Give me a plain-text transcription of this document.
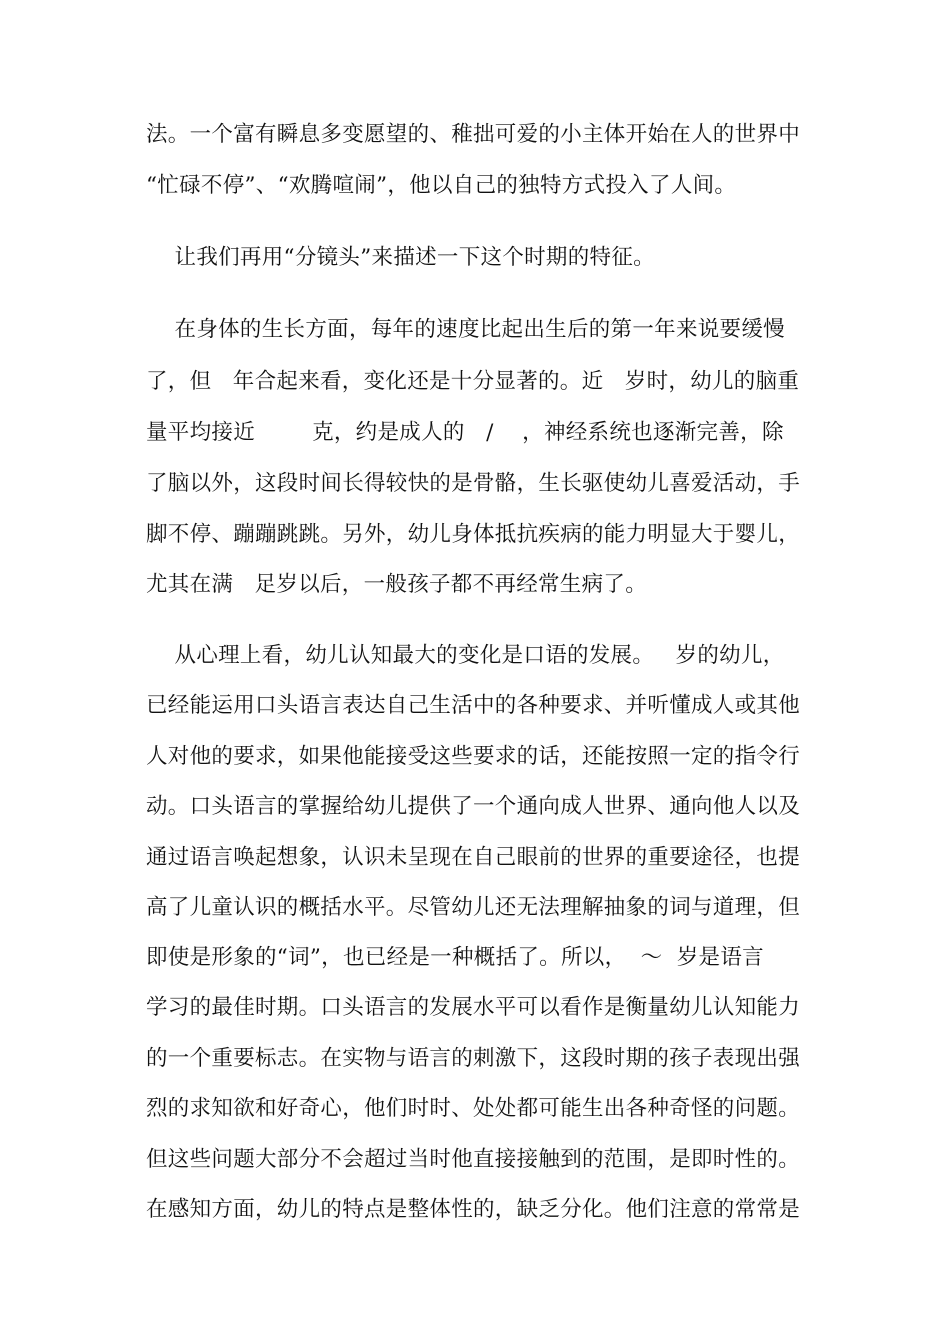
法。一个富有瞬息多变愿望的、稚拙可爱的小主体开始在人的世界中
“忙碌不停”、“欢腾喧闹”，他以自己的独特方式投入了人间。
让我们再用“分镜头”来描述一下这个时期的特征。
在身体的生长方面，每年的速度比起出生后的第一年来说要缓慢
了，但   年合起来看，变化还是十分显著的。近   岁时，幼儿的脑重
量平均接近        克，约是成人的   /    ，神经系统也逐渐完善，除
了脑以外，这段时间长得较快的是骨骼，生长驱使幼儿喜爱活动，手
脚不停、蹦蹦跳跳。另外，幼儿身体抵抗疾病的能力明显大于婴儿，
尤其在满   足岁以后，一般孩子都不再经常生病了。
从心理上看，幼儿认知最大的变化是口语的发展。   岁的幼儿，
已经能运用口头语言表达自己生活中的各种要求、并听懂成人或其他
人对他的要求，如果他能接受这些要求的话，还能按照一定的指令行
动。口头语言的掌握给幼儿提供了一个通向成人世界、通向他人以及
通过语言唤起想象，认识未呈现在自己眼前的世界的重要途径，也提
高了儿童认识的概括水平。尽管幼儿还无法理解抽象的词与道理，但
即使是形象的“词”，也已经是一种概括了。所以，  ～  岁是语言
学习的最佳时期。口头语言的发展水平可以看作是衡量幼儿认知能力
的一个重要标志。在实物与语言的刺激下，这段时期的孩子表现出强
烈的求知欲和好奇心，他们时时、处处都可能生出各种奇怪的问题。
但这些问题大部分不会超过当时他直接接触到的范围，是即时性的。
在感知方面，幼儿的特点是整体性的，缺乏分化。他们注意的常常是
